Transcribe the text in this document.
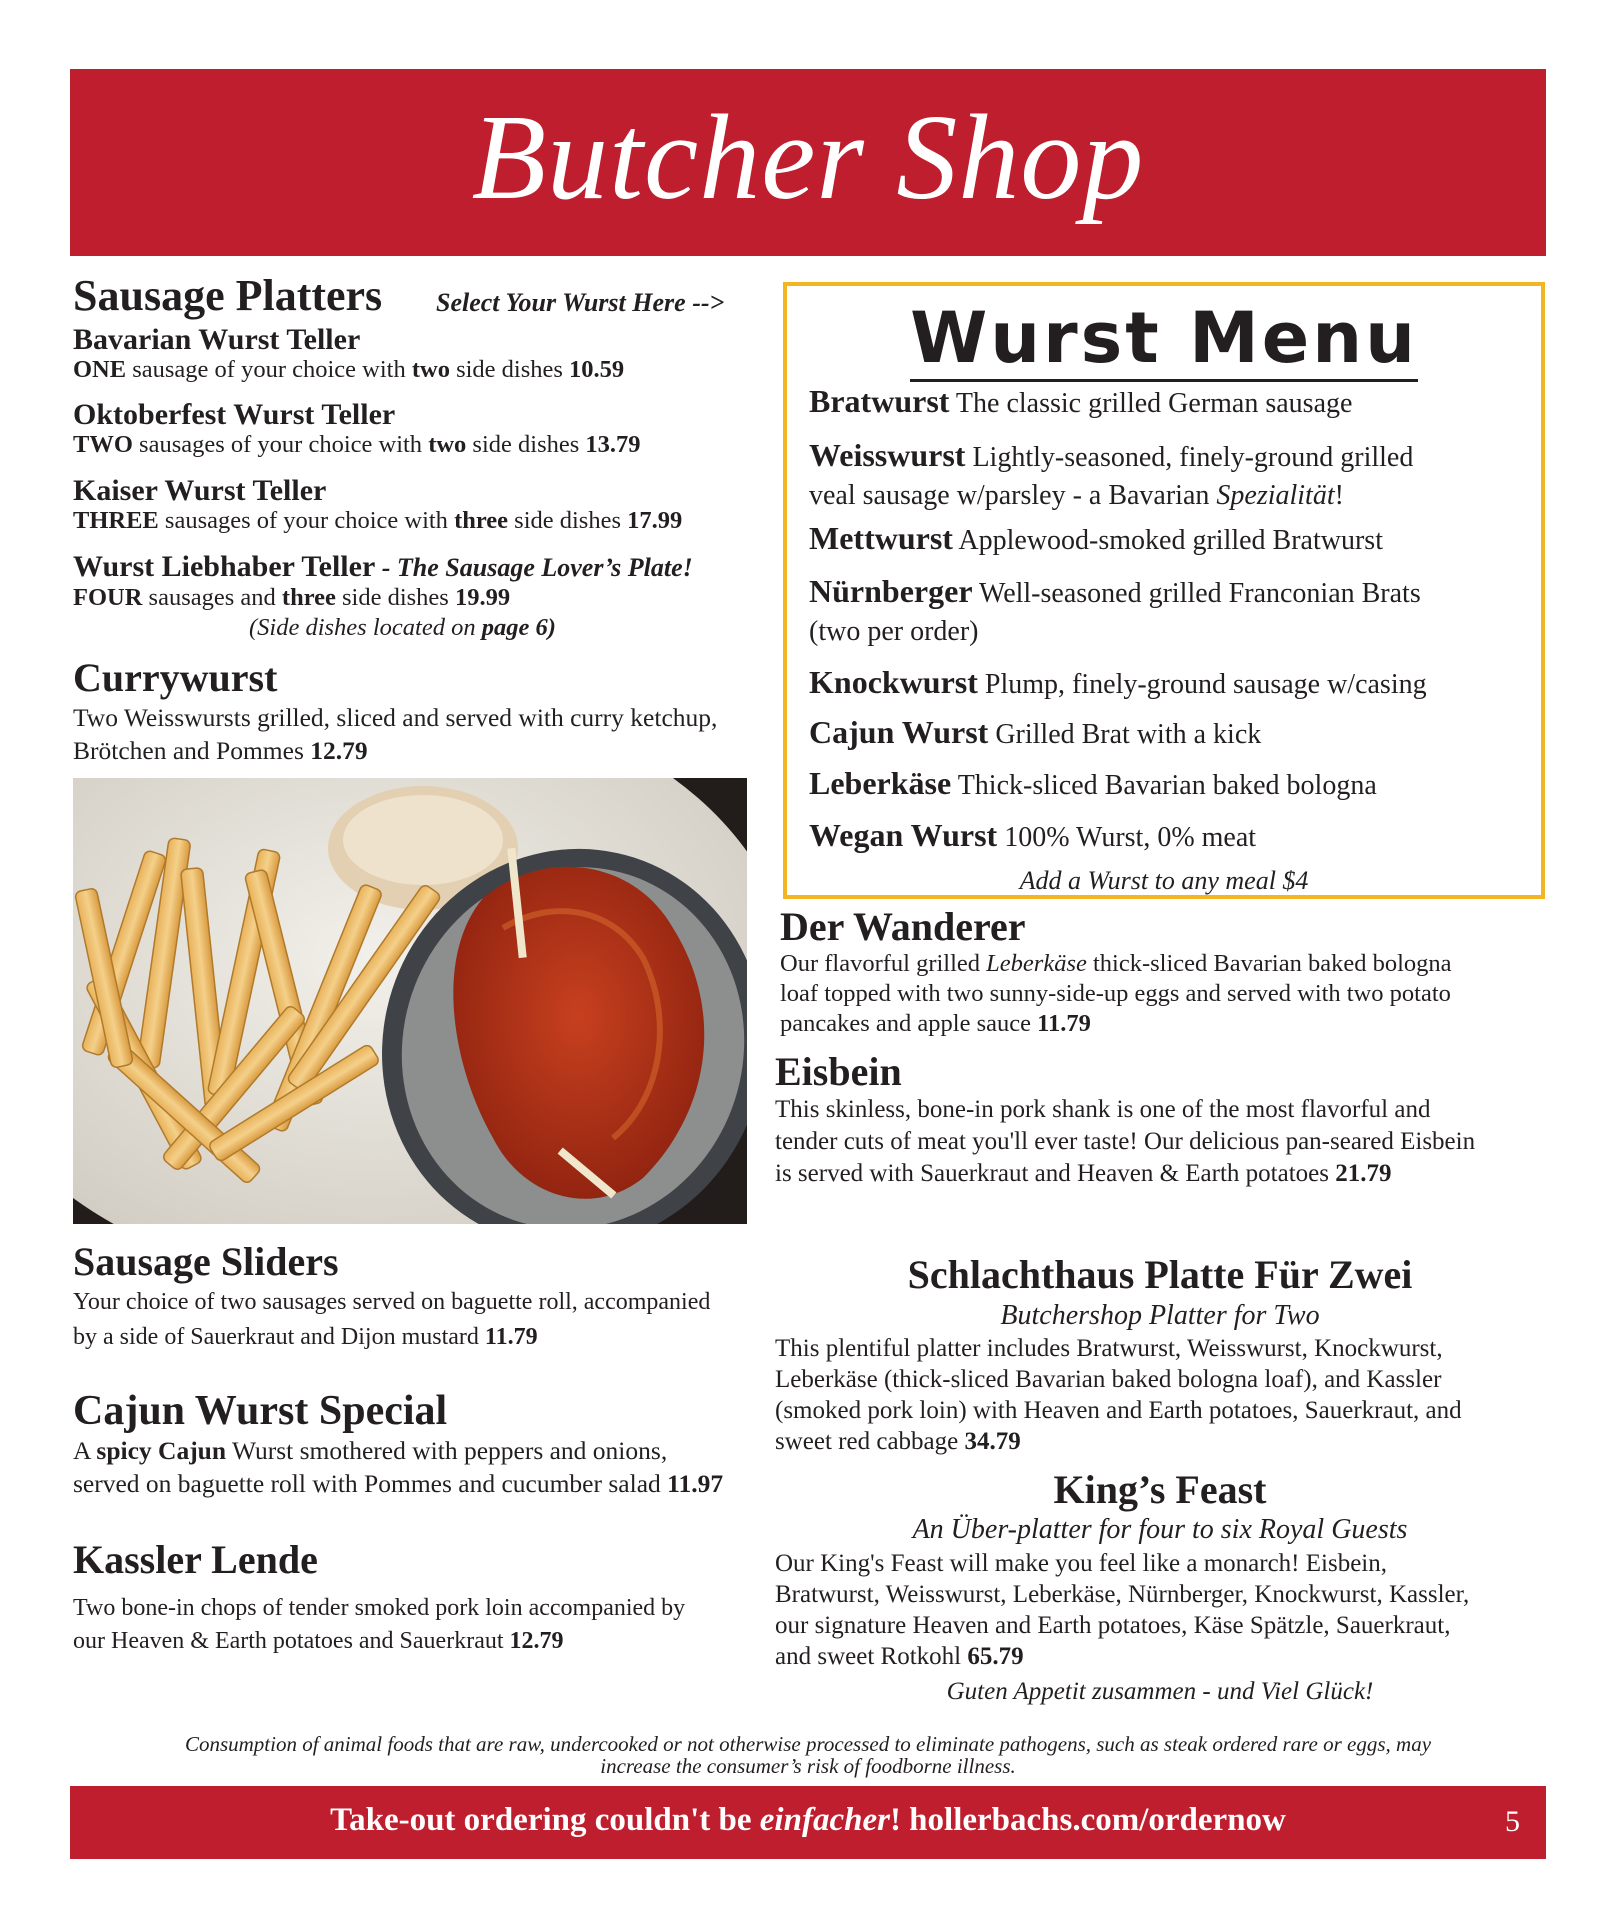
Butcher Shop
Sausage Platters Select Your Wurst Here -->
Bavarian Wurst Teller
ONE sausage of your choice with two side dishes 10.59
Oktoberfest Wurst Teller
TWO sausages of your choice with two side dishes 13.79
Kaiser Wurst Teller
THREE sausages of your choice with three side dishes 17.99
Wurst Liebhaber Teller - The Sausage Lover’s Plate!
FOUR sausages and three side dishes 19.99
(Side dishes located on page 6)
Currywurst
Two Weisswursts grilled, sliced and served with curry ketchup,
Brötchen and Pommes 12.79
Wurst Menu
Bratwurst The classic grilled German sausage
Weisswurst Lightly-seasoned, finely-ground grilled
veal sausage w/parsley - a Bavarian Spezialität!
Mettwurst Applewood-smoked grilled Bratwurst
Nürnberger Well-seasoned grilled Franconian Brats
(two per order)
Knockwurst Plump, finely-ground sausage w/casing
Cajun Wurst Grilled Brat with a kick
Leberkäse Thick-sliced Bavarian baked bologna
Wegan Wurst 100% Wurst, 0% meat
Add a Wurst to any meal $4
Der Wanderer
Our flavorful grilled Leberkäse thick-sliced Bavarian baked bologna
loaf topped with two sunny-side-up eggs and served with two potato
pancakes and apple sauce 11.79
Eisbein
This skinless, bone-in pork shank is one of the most flavorful and
tender cuts of meat you'll ever taste! Our delicious pan-seared Eisbein
is served with Sauerkraut and Heaven & Earth potatoes 21.79
Sausage Sliders
Your choice of two sausages served on baguette roll, accompanied
by a side of Sauerkraut and Dijon mustard 11.79
Cajun Wurst Special
A spicy Cajun Wurst smothered with peppers and onions,
served on baguette roll with Pommes and cucumber salad 11.97
Kassler Lende
Two bone-in chops of tender smoked pork loin accompanied by
our Heaven & Earth potatoes and Sauerkraut 12.79
Schlachthaus Platte Für Zwei
Butchershop Platter for Two
This plentiful platter includes Bratwurst, Weisswurst, Knockwurst,
Leberkäse (thick-sliced Bavarian baked bologna loaf), and Kassler
(smoked pork loin) with Heaven and Earth potatoes, Sauerkraut, and
sweet red cabbage 34.79
King’s Feast
An Über-platter for four to six Royal Guests
Our King's Feast will make you feel like a monarch! Eisbein,
Bratwurst, Weisswurst, Leberkäse, Nürnberger, Knockwurst, Kassler,
our signature Heaven and Earth potatoes, Käse Spätzle, Sauerkraut,
and sweet Rotkohl 65.79
Guten Appetit zusammen - und Viel Glück!
Consumption of animal foods that are raw, undercooked or not otherwise processed to eliminate pathogens, such as steak ordered rare or eggs, may
increase the consumer’s risk of foodborne illness.
Take-out ordering couldn't be einfacher! hollerbachs.com/ordernow	5
